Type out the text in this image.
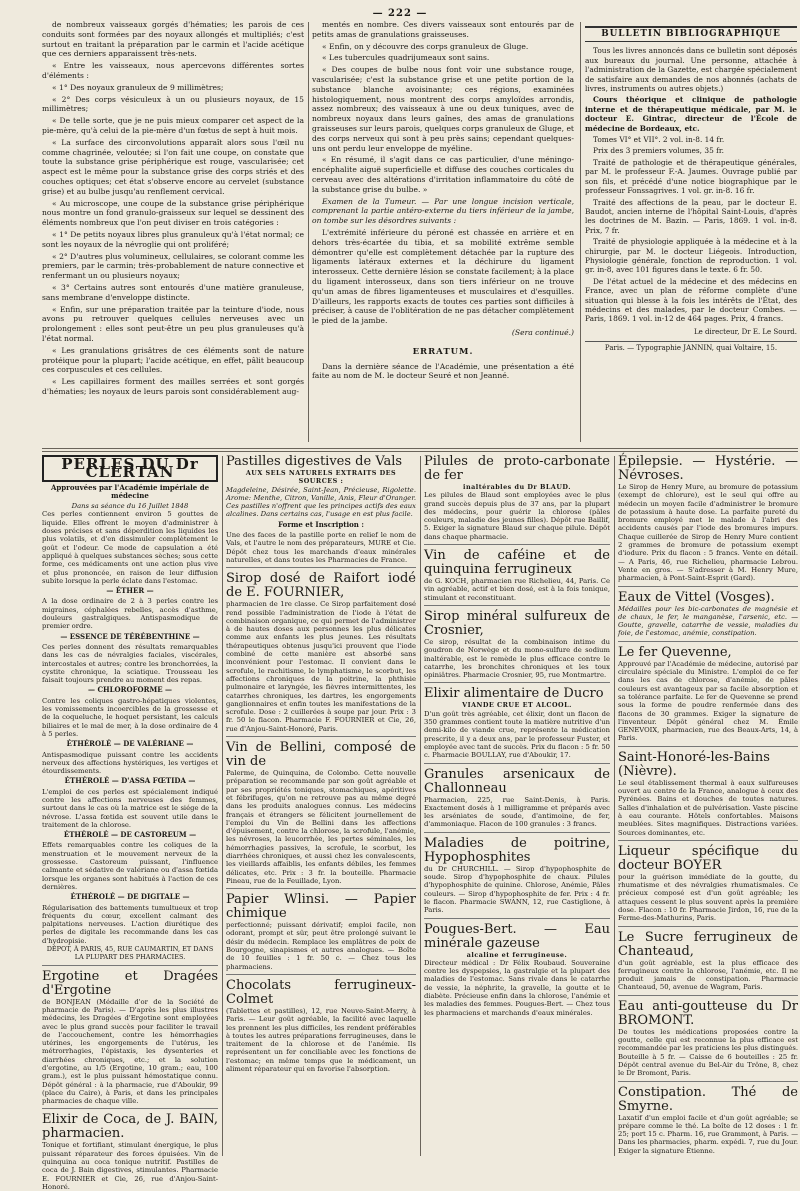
— 222 —

de nombreux vaisseaux gorgés d'hématies; les parois de ces conduits sont formées par des noyaux allongés et multipliés; c'est surtout en traitant la préparation par le carmin et l'acide acétique que ces derniers apparaissent très-nets.

« Entre les vaisseaux, nous apercevons différentes sortes d'éléments :

« 1° Des noyaux granuleux de 9 millimètres;

« 2° Des corps vésiculeux à un ou plusieurs noyaux, de 15 millimètres;

« De telle sorte, que je ne puis mieux comparer cet aspect de la pie-mère, qu'à celui de la pie-mère d'un fœtus de sept à huit mois.

« La surface des circonvolutions apparaît alors sous l'œil nu comme chagrinée, veloutée; si l'on fait une coupe, on constate que toute la substance grise périphérique est rouge, vascularisée; cet aspect est le même pour la substance grise des corps striés et des couches optiques; cet état s'observe encore au cervelet (substance grise) et au bulbe jusqu'au renflement cervical.

« Au microscope, une coupe de la substance grise périphérique nous montre un fond granulo-graisseux sur lequel se dessinent des éléments nombreux que l'on peut diviser en trois catégories :

« 1° De petits noyaux libres plus granuleux qu'à l'état normal; ce sont les noyaux de la névroglie qui ont proliféré;

« 2° D'autres plus volumineux, cellulaires, se colorant comme les premiers, par le carmin; très-probablement de nature connective et renfermant un ou plusieurs noyaux;

« 3° Certains autres sont entourés d'une matière granuleuse, sans membrane d'enveloppe distincte.

« Enfin, sur une préparation traitée par la teinture d'iode, nous avons pu retrouver quelques cellules nerveuses avec un prolongement : elles sont peut-être un peu plus granuleuses qu'à l'état normal.

« Les granulations grisâtres de ces éléments sont de nature protéique pour la plupart; l'acide acétique, en effet, pâlit beaucoup ces corpuscules et ces cellules.

« Les capillaires forment des mailles serrées et sont gorgés d'hématies; les noyaux de leurs parois sont considérablement aug-

mentés en nombre. Ces divers vaisseaux sont entourés par de petits amas de granulations graisseuses.

« Enfin, on y découvre des corps granuleux de Gluge.

« Les tubercules quadrijumeaux sont sains.

« Des coupes de bulbe nous font voir une substance rouge, vascularisée; c'est la substance grise et une petite portion de la substance blanche avoisinante; ces régions, examinées histologiquement, nous montrent des corps amyloïdes arrondis, assez nombreux; des vaisseaux à une ou deux tuniques, avec de nombreux noyaux dans leurs gaînes, des amas de granulations graisseuses sur leurs parois, quelques corps granuleux de Gluge, et des corps nerveux qui sont à peu près sains; cependant quelques-uns ont perdu leur enveloppe de myéline.

« En résumé, il s'agit dans ce cas particulier, d'une méningo-encéphalite aiguë superficielle et diffuse des couches corticales du cerveau avec des altérations d'irritation inflammatoire du côté de la substance grise du bulbe. »

Examen de la Tumeur. — Par une longue incision verticale, comprenant la partie antéro-externe du tiers inférieur de la jambe, on tombe sur les désordres suivants :

L'extrémité inférieure du péroné est chassée en arrière et en dehors très-écartée du tibia, et sa mobilité extrême semble démontrer qu'elle est complètement détachée par la rupture des ligaments latéraux externes et la déchirure du ligament interosseux. Cette dernière lésion se constate facilement; à la place du ligament interosseux, dans son tiers inférieur on ne trouve qu'un amas de fibres ligamenteuses et musculaires et d'esquilles. D'ailleurs, les rapports exacts de toutes ces parties sont difficiles à préciser, à cause de l'oblitération de ne pas détacher complètement le pied de la jambe.

(Sera continué.)

ERRATUM.

Dans la dernière séance de l'Académie, une présentation a été faite au nom de M. le docteur Seuré et non Jeanné.

BULLETIN BIBLIOGRAPHIQUE

Tous les livres annoncés dans ce bulletin sont déposés aux bureaux du journal. Une personne, attachée à l'administration de la Gazette, est chargée spécialement de satisfaire aux demandes de nos abonnés (achats de livres, instruments ou autres objets.)

Cours théorique et clinique de pathologie interne et de thérapeutique médicale, par M. le docteur E. Gintrac, directeur de l'École de médecine de Bordeaux, etc.

Tomes VI° et VII°. 2 vol. in-8. 14 fr.

Prix des 3 premiers volumes, 35 fr.

Traité de pathologie et de thérapeutique générales, par M. le professeur F.-A. Jaumes. Ouvrage publié par son fils, et précédé d'une notice biographique par le professeur Fonssagrives. 1 vol. gr. in-8. 16 fr.

Traité des affections de la peau, par le docteur E. Baudot, ancien interne de l'hôpital Saint-Louis, d'après les doctrines de M. Bazin. — Paris, 1869. 1 vol. in-8. Prix, 7 fr.

Traité de physiologie appliquée à la médecine et à la chirurgie, par M. le docteur Liégeois. Introduction, Physiologie générale, fonction de reproduction. 1 vol. gr. in-8, avec 101 figures dans le texte. 6 fr. 50.

De l'état actuel de la médecine et des médecins en France, avec un plan de réforme complète d'une situation qui blesse à la fois les intérêts de l'État, des médecins et des malades, par le docteur Combes. — Paris, 1869. 1 vol. in-12 de 464 pages. Prix, 4 francs.

Le directeur, Dr E. Le Sourd.
Paris. — Typographie JANNIN, quai Voltaire, 15.
PERLES DU Dr CLERTAN
Approuvées par l'Académie impériale de médecine
Dans sa séance du 16 Juillet 1848
Ces perles contiennent environ 5 gouttes de liquide. Elles offrent le moyen d'administrer à doses précises et sans déperdition les liquides les plus volatils, et d'en dissimuler complètement le goût et l'odeur. Ce mode de capsulation a été appliqué à quelques substances sèches; sous cette forme, ces médicaments ont une action plus vive et plus prononcée, en raison de leur diffusion subite lorsque la perle éclate dans l'estomac.
— ÉTHER —
A la dose ordinaire de 2 à 3 perles contre les migraines, céphalées rebelles, accès d'asthme, douleurs gastralgiques. Antispasmodique de premier ordre.
— ESSENCE DE TÉRÉBENTHINE —
Ces perles donnent des résultats remarquables dans les cas de névralgies faciales, viscérales, intercostales et autres; contre les bronchorrées, la cystite chronique, la sciatique. Trousseau les faisait toujours prendre au moment des repas.
— CHLOROFORME —
Contre les coliques gastro-hépatiques violentes, les vomissements incoercibles de la grossesse et de la coqueluche, le hoquet persistant, les calculs biliaires et le mal de mer, à la dose ordinaire de 4 à 5 perles.
ÉTHÉROLÉ — DE VALÉRIANE —
Antispasmodique puissant contre les accidents nerveux des affections hystériques, les vertiges et étourdissements.
ÉTHÉROLÉ — D'ASSA FŒTIDA —
L'emploi de ces perles est spécialement indiqué contre les affections nerveuses des femmes, surtout dans le cas où la matrice est le siége de la névrose. L'assa fœtida est souvent utile dans le traitement de la chlorose.
ÉTHÉROLÉ — DE CASTOREUM —
Effets remarquables contre les coliques de la menstruation et le mouvement nerveux de la grossesse. Castoreum puissant, l'influence calmante et sédative de valériane ou d'assa fœtida lorsque les organes sont habitués à l'action de ces dernières.
ÉTHÉROLÉ — DE DIGITALE —
Régularisation des battements tumultueux et trop fréquents du cœur, excellent calmant des palpitations nerveuses. L'action diurétique des perles de digitale les recommande dans les cas d'hydropisie.
DÉPOT, À PARIS, 45, RUE CAUMARTIN, ET DANS LA PLUPART DES PHARMACIES.
Ergotine et Dragées d'Ergotine
de BONJEAN (Médaille d'or de la Société de pharmacie de Paris). — D'après les plus illustres médecins, les Dragées d'Ergotine sont employées avec le plus grand succès pour faciliter le travail de l'accouchement, contre les hémorrhagies utérines, les engorgements de l'utérus, les métrorrhagies, l'épistaxis, les dysenteries et diarrhées chroniques, etc.; et la solution d'ergotine, au 1/5 (Ergotine, 10 gram.; eau, 100 gram.), est le plus puissant hémostatique connu. Dépôt général : à la pharmacie, rue d'Aboukir, 99 (place du Caire), à Paris, et dans les principales pharmacies de chaque ville.
Elixir de Coca, de J. BAIN, pharmacien.
Tonique et fortifiant, stimulant énergique, le plus puissant réparateur des forces épuisées. Vin de quinquina au coca tonique nutritif. Pastilles de coca de J. Bain digestives, stimulantes. Pharmacie E. FOURNIER et Cie, 26, rue d'Anjou-Saint-Honoré.
Pastilles digestives de Vals
AUX SELS NATURELS EXTRAITS DES SOURCES :
Magdeleine, Désirée, Saint-Jean, Précieuse, Rigolette. Arome: Menthe, Citron, Vanille, Anis, Fleur d'Oranger. Ces pastilles n'offrent que les principes actifs des eaux alcalines. Dans certains cas, l'usage en est plus facile.
Forme et Inscription :
Une des faces de la pastille porte en relief le nom de Vals, et l'autre le nom des préparateurs, MURE et Cie. Dépôt chez tous les marchands d'eaux minérales naturelles, et dans toutes les Pharmacies de France.
Sirop dosé de Raifort iodé de E. FOURNIER,
pharmacien de 1re classe. Ce Sirop parfaitement dosé rend possible l'administration de l'iode à l'état de combinaison organique, ce qui permet de l'administrer à de hautes doses aux personnes les plus délicates comme aux enfants les plus jeunes. Les résultats thérapeutiques obtenus jusqu'ici prouvent que l'iode combiné de cette manière est absorbé sans inconvénient pour l'estomac. Il convient dans le scrofule, le rachitisme, le lymphatisme, le scorbut, les affections chroniques de la poitrine, la phthisie pulmonaire et laryngée, les fièvres intermittentes, les catarrhes chroniques, les dartres, les engorgements ganglionnaires et enfin toutes les manifestations de la scrofule. Dose : 2 cuillerées à soupe par jour. Prix : 3 fr. 50 le flacon. Pharmacie F. FOURNIER et Cie, 26, rue d'Anjou-Saint-Honoré, Paris.
Vin de Bellini, composé de vin de
Palerme, de Quinquina, de Colombo. Cette nouvelle préparation se recommande par son goût agréable et par ses propriétés toniques, stomachiques, apéritives et fébrifuges, qu'on ne retrouve pas au même degré dans les produits analogues connus. Les médecins français et étrangers se félicitent journellement de l'emploi du Vin de Bellini dans les affections d'épuisement, contre la chlorose, la scrofule, l'anémie, les névroses, la leucorrhée, les pertes séminales, les hémorrhagies passives, la scrofule, le scorbut, les diarrhées chroniques, et aussi chez les convalescents, les vieillards affaiblis, les enfants débiles, les femmes délicates, etc. Prix : 3 fr. la bouteille. Pharmacie Pineau, rue de la Feuillade, Lyon.
Papier Wlinsi. — Papier chimique
perfectionné; puissant dérivatif; emploi facile, non odorant, prompt et sûr, peut être prolongé suivant le désir du médecin. Remplace les emplâtres de poix de Bourgogne, sinapismes et autres analogues. — Boîte de 10 feuilles : 1 fr. 50 c. — Chez tous les pharmaciens.
Chocolats ferrugineux-Colmet
(Tablettes et pastilles), 12, rue Neuve-Saint-Merry, à Paris. — Leur goût agréable, la facilité avec laquelle les prennent les plus difficiles, les rendent préférables à toutes les autres préparations ferrugineuses, dans le traitement de la chlorose et de l'anémie. Ils représentent un fer conciliable avec les fonctions de l'estomac; en même temps que le médicament, un aliment réparateur qui en favorise l'absorption.
Pilules de proto-carbonate de fer
inaltérables du Dr BLAUD.
Les pilules de Blaud sont employées avec le plus grand succès depuis plus de 37 ans, par la plupart des médecins, pour guérir la chlorose (pâles couleurs, maladie des jeunes filles). Dépôt rue Baillif, 5. Exiger la signature Blaud sur chaque pilule. Dépôt dans chaque pharmacie.
Vin de caféine et de quinquina ferrugineux
de G. KOCH, pharmacien rue Richelieu, 44, Paris. Ce vin agréable, actif et bien dosé, est à la fois tonique, stimulant et reconstituant.
Sirop minéral sulfureux de Crosnier,
Ce sirop, résultat de la combinaison intime du goudron de Norwège et du mono-sulfure de sodium inaltérable, est le remède le plus efficace contre le catarrhe, les bronchites chroniques et les toux opiniâtres. Pharmacie Crosnier, 95, rue Montmartre.
Elixir alimentaire de Ducro
VIANDE CRUE ET ALCOOL.
D'un goût très agréable, cet élixir, dont un flacon de 350 grammes contient toute la matière nutritive d'un demi-kilo de viande crue, représente la médication prescrite, il y a deux ans, par le professeur Fuster, et employée avec tant de succès. Prix du flacon : 5 fr. 50 c. Pharmacie BOULLAY, rue d'Aboukir, 17.
Granules arsenicaux de Challonneau
Pharmacien, 225, rue Saint-Denis, à Paris. Exactement dosés à 1 milligramme et préparés avec les arséniates de soude, d'antimoine, de fer, d'ammoniaque. Flacon de 100 granules : 3 francs.
Maladies de poitrine, Hypophosphites
du Dr CHURCHILL. — Sirop d'hypophosphite de soude. Sirop d'hypophosphite de chaux. Pilules d'hypophosphite de quinine. Chlorose, Anémie, Pâles couleurs. — Sirop d'hypophosphite de fer. Prix : 4 fr. le flacon. Pharmacie SWANN, 12, rue Castiglione, à Paris.
Pougues-Bert. — Eau minérale gazeuse
alcaline et ferrugineuse.
Directeur médical : Dr Félix Roubaud. Souveraine contre les dyspepsies, la gastralgie et la plupart des maladies de l'estomac. Sans rivale dans le catarrhe de vessie, la néphrite, la gravelle, la goutte et le diabète. Précieuse enfin dans la chlorose, l'anémie et les maladies des femmes. Pougues-Bert. — Chez tous les pharmaciens et marchands d'eaux minérales.
Épilepsie. — Hystérie. — Névroses.
Le Sirop de Henry Mure, au bromure de potassium (exempt de chlorure), est le seul qui offre au médecin un moyen facile d'administrer le bromure de potassium à haute dose. La parfaite pureté du bromure employé met le malade à l'abri des accidents causés par l'iode des bromures impurs. Chaque cuillerée de Sirop de Henry Mure contient 2 grammes de bromure de potassium exempt d'iodure. Prix du flacon : 5 francs. Vente en détail. — A Paris, 46, rue Richelieu, pharmacie Lebrou. Vente en gros. — S'adresser à M. Henry Mure, pharmacien, à Pont-Saint-Esprit (Gard).
Eaux de Vittel (Vosges).
Médailles pour les bic-carbonates de magnésie et de chaux, le fer, le manganèse, l'arsenic, etc. — Goutte, gravelle, catarrhe de vessie, maladies du foie, de l'estomac, anémie, constipation.
Le fer Quevenne,
Approuvé par l'Académie de médecine, autorisé par circulaire spéciale du Ministre. L'emploi de ce fer dans les cas de chlorose, d'anémie, de pâles couleurs est avantageux par sa facile absorption et sa tolérance parfaite. Le fer de Quevenne se prend sous la forme de poudre renfermée dans des flacons de 30 grammes. Exiger la signature de l'inventeur. Dépôt général chez M. Émile GENEVOIX, pharmacien, rue des Beaux-Arts, 14, à Paris.
Saint-Honoré-les-Bains (Nièvre).
Le seul établissement thermal à eaux sulfureuses ouvert au centre de la France, analogue à ceux des Pyrénées. Bains et douches de toutes natures. Salles d'inhalation et de pulvérisation. Vaste piscine à eau courante. Hôtels confortables. Maisons meublées. Sites magnifiques. Distractions variées. Sources dominantes, etc.
Liqueur spécifique du docteur BOYER
pour la guérison immédiate de la goutte, du rhumatisme et des névralgies rhumatismales. Ce précieux composé est d'un goût agréable; les attaques cessent le plus souvent après la première dose. Flacon : 10 fr. Pharmacie Jirdon, 16, rue de la Ferme-des-Mathurins, Paris.
Le Sucre ferrugineux de Chanteaud,
d'un goût agréable, est la plus efficace des ferrugineux contre la chlorose, l'anémie, etc. Il ne produit jamais de constipation. Pharmacie Chanteaud, 50, avenue de Wagram, Paris.
Eau anti-goutteuse du Dr BROMONT.
De toutes les médications proposées contre la goutte, celle qui est reconnue la plus efficace est recommandée par les praticiens les plus distingués. Bouteille à 5 fr. — Caisse de 6 bouteilles : 25 fr. Dépôt central avenue du Bel-Air du Trône, 8, chez le Dr Bromont, Paris.
Constipation. Thé de Smyrne.
Laxatif d'un emploi facile et d'un goût agréable; se prépare comme le thé. La boîte de 12 doses : 1 fr. 25; port 15 c. Pharm. 16, rue Grammont, à Paris. — Dans les pharmacies, pharm. expédi. 7, rue du Jour. Exiger la signature Étienne.
